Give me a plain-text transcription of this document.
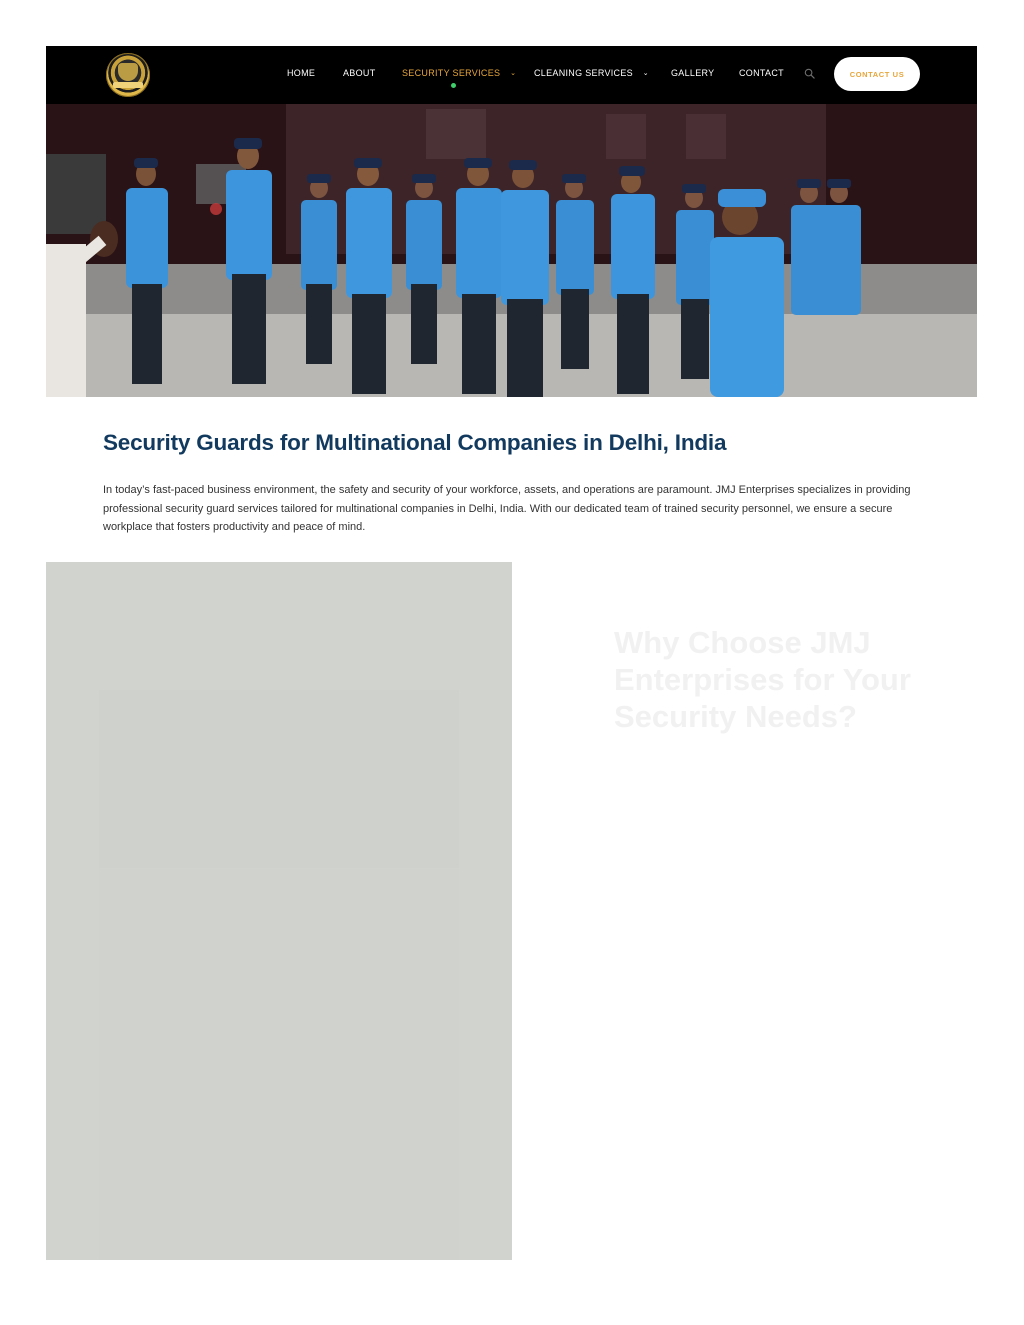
HOME	ABOUT	SECURITY SERVICES ⌄ CLEANING SERVICES ⌄ GALLERY	CONTACT	CONTACT US
Security Guards for Multinational Companies in Delhi, India

In today’s fast-paced business environment, the safety and security of your workforce, assets, and operations are paramount. JMJ Enterprises specializes in providing professional security guard services tailored for multinational companies in Delhi, India. With our dedicated team of trained security personnel, we ensure a secure workplace that fosters productivity and peace of mind.

Why Choose JMJ Enterprises for Your Security Needs?
